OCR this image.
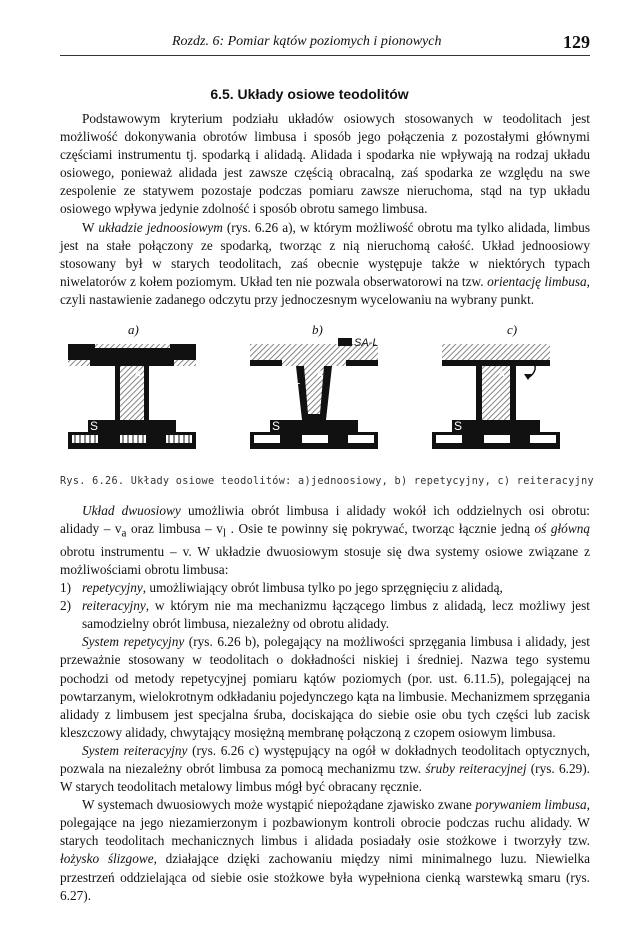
Rozdz. 6: Pomiar kątów poziomych i pionowych	129
6.5. Układy osiowe teodolitów

Podstawowym kryterium podziału układów osiowych stosowanych w teodolitach jest możliwość dokonywania obrotów limbusa i sposób jego połączenia z pozostałymi głównymi częściami instrumentu tj. spodarką i alidadą. Alidada i spodarka nie wpływają na rodzaj układu osiowego, ponieważ alidada jest zawsze częścią obracalną, zaś spodarka ze względu na swe zespolenie ze statywem pozostaje podczas pomiaru zawsze nieruchoma, stąd na typ układu osiowego wpływa jedynie zdolność i sposób obrotu samego limbusa.

W układzie jednoosiowym (rys. 6.26 a), w którym możliwość obrotu ma tylko alidada, limbus jest na stałe połączony ze spodarką, tworząc z nią nieruchomą całość. Układ jednoosiowy stosowany był w starych teodolitach, zaś obecnie występuje także w niektórych typach niwelatorów z kołem poziomym. Układ ten nie pozwala obserwatorowi na tzw. orientację limbusa, czyli nastawienie zadanego odczytu przy jednoczesnym wycelowaniu na wybrany punkt.

a)	b)	c)
A
L
S
SA-L
A
L
S
A
S
Rys. 6.26. Układy osiowe teodolitów: a)jednoosiowy, b) repetycyjny, c) reiteracyjny

Układ dwuosiowy umożliwia obrót limbusa i alidady wokół ich oddzielnych osi obrotu: alidady – $v_a$ oraz limbusa – $v_l$ . Osie te powinny się pokrywać, tworząc łącznie jedną oś główną obrotu instrumentu – v. W układzie dwuosiowym stosuje się dwa systemy osiowe związane z możliwościami obrotu limbusa:

1) repetycyjny, umożliwiający obrót limbusa tylko po jego sprzęgnięciu z alidadą,
2) reiteracyjny, w którym nie ma mechanizmu łączącego limbus z alidadą, lecz możliwy jest samodzielny obrót limbusa, niezależny od obrotu alidady.

System repetycyjny (rys. 6.26 b), polegający na możliwości sprzęgania limbusa i alidady, jest przeważnie stosowany w teodolitach o dokładności niskiej i średniej. Nazwa tego systemu pochodzi od metody repetycyjnej pomiaru kątów poziomych (por. ust. 6.11.5), polegającej na powtarzanym, wielokrotnym odkładaniu pojedynczego kąta na limbusie. Mechanizmem sprzęgania alidady z limbusem jest specjalna śruba, dociskająca do siebie osie obu tych części lub zacisk kleszczowy alidady, chwytający mosiężną membranę połączoną z czopem osiowym limbusa.

System reiteracyjny (rys. 6.26 c) występujący na ogół w dokładnych teodolitach optycznych, pozwala na niezależny obrót limbusa za pomocą mechanizmu tzw. śruby reiteracyjnej (rys. 6.29). W starych teodolitach metalowy limbus mógł być obracany ręcznie.

W systemach dwuosiowych może wystąpić niepożądane zjawisko zwane porywaniem limbusa, polegające na jego niezamierzonym i pozbawionym kontroli obrocie podczas ruchu alidady. W starych teodolitach mechanicznych limbus i alidada posiadały osie stożkowe i tworzyły tzw. łożysko ślizgowe, działające dzięki zachowaniu między nimi minimalnego luzu. Niewielka przestrzeń oddzielająca od siebie osie stożkowe była wypełniona cienką warstewką smaru (rys. 6.27).
